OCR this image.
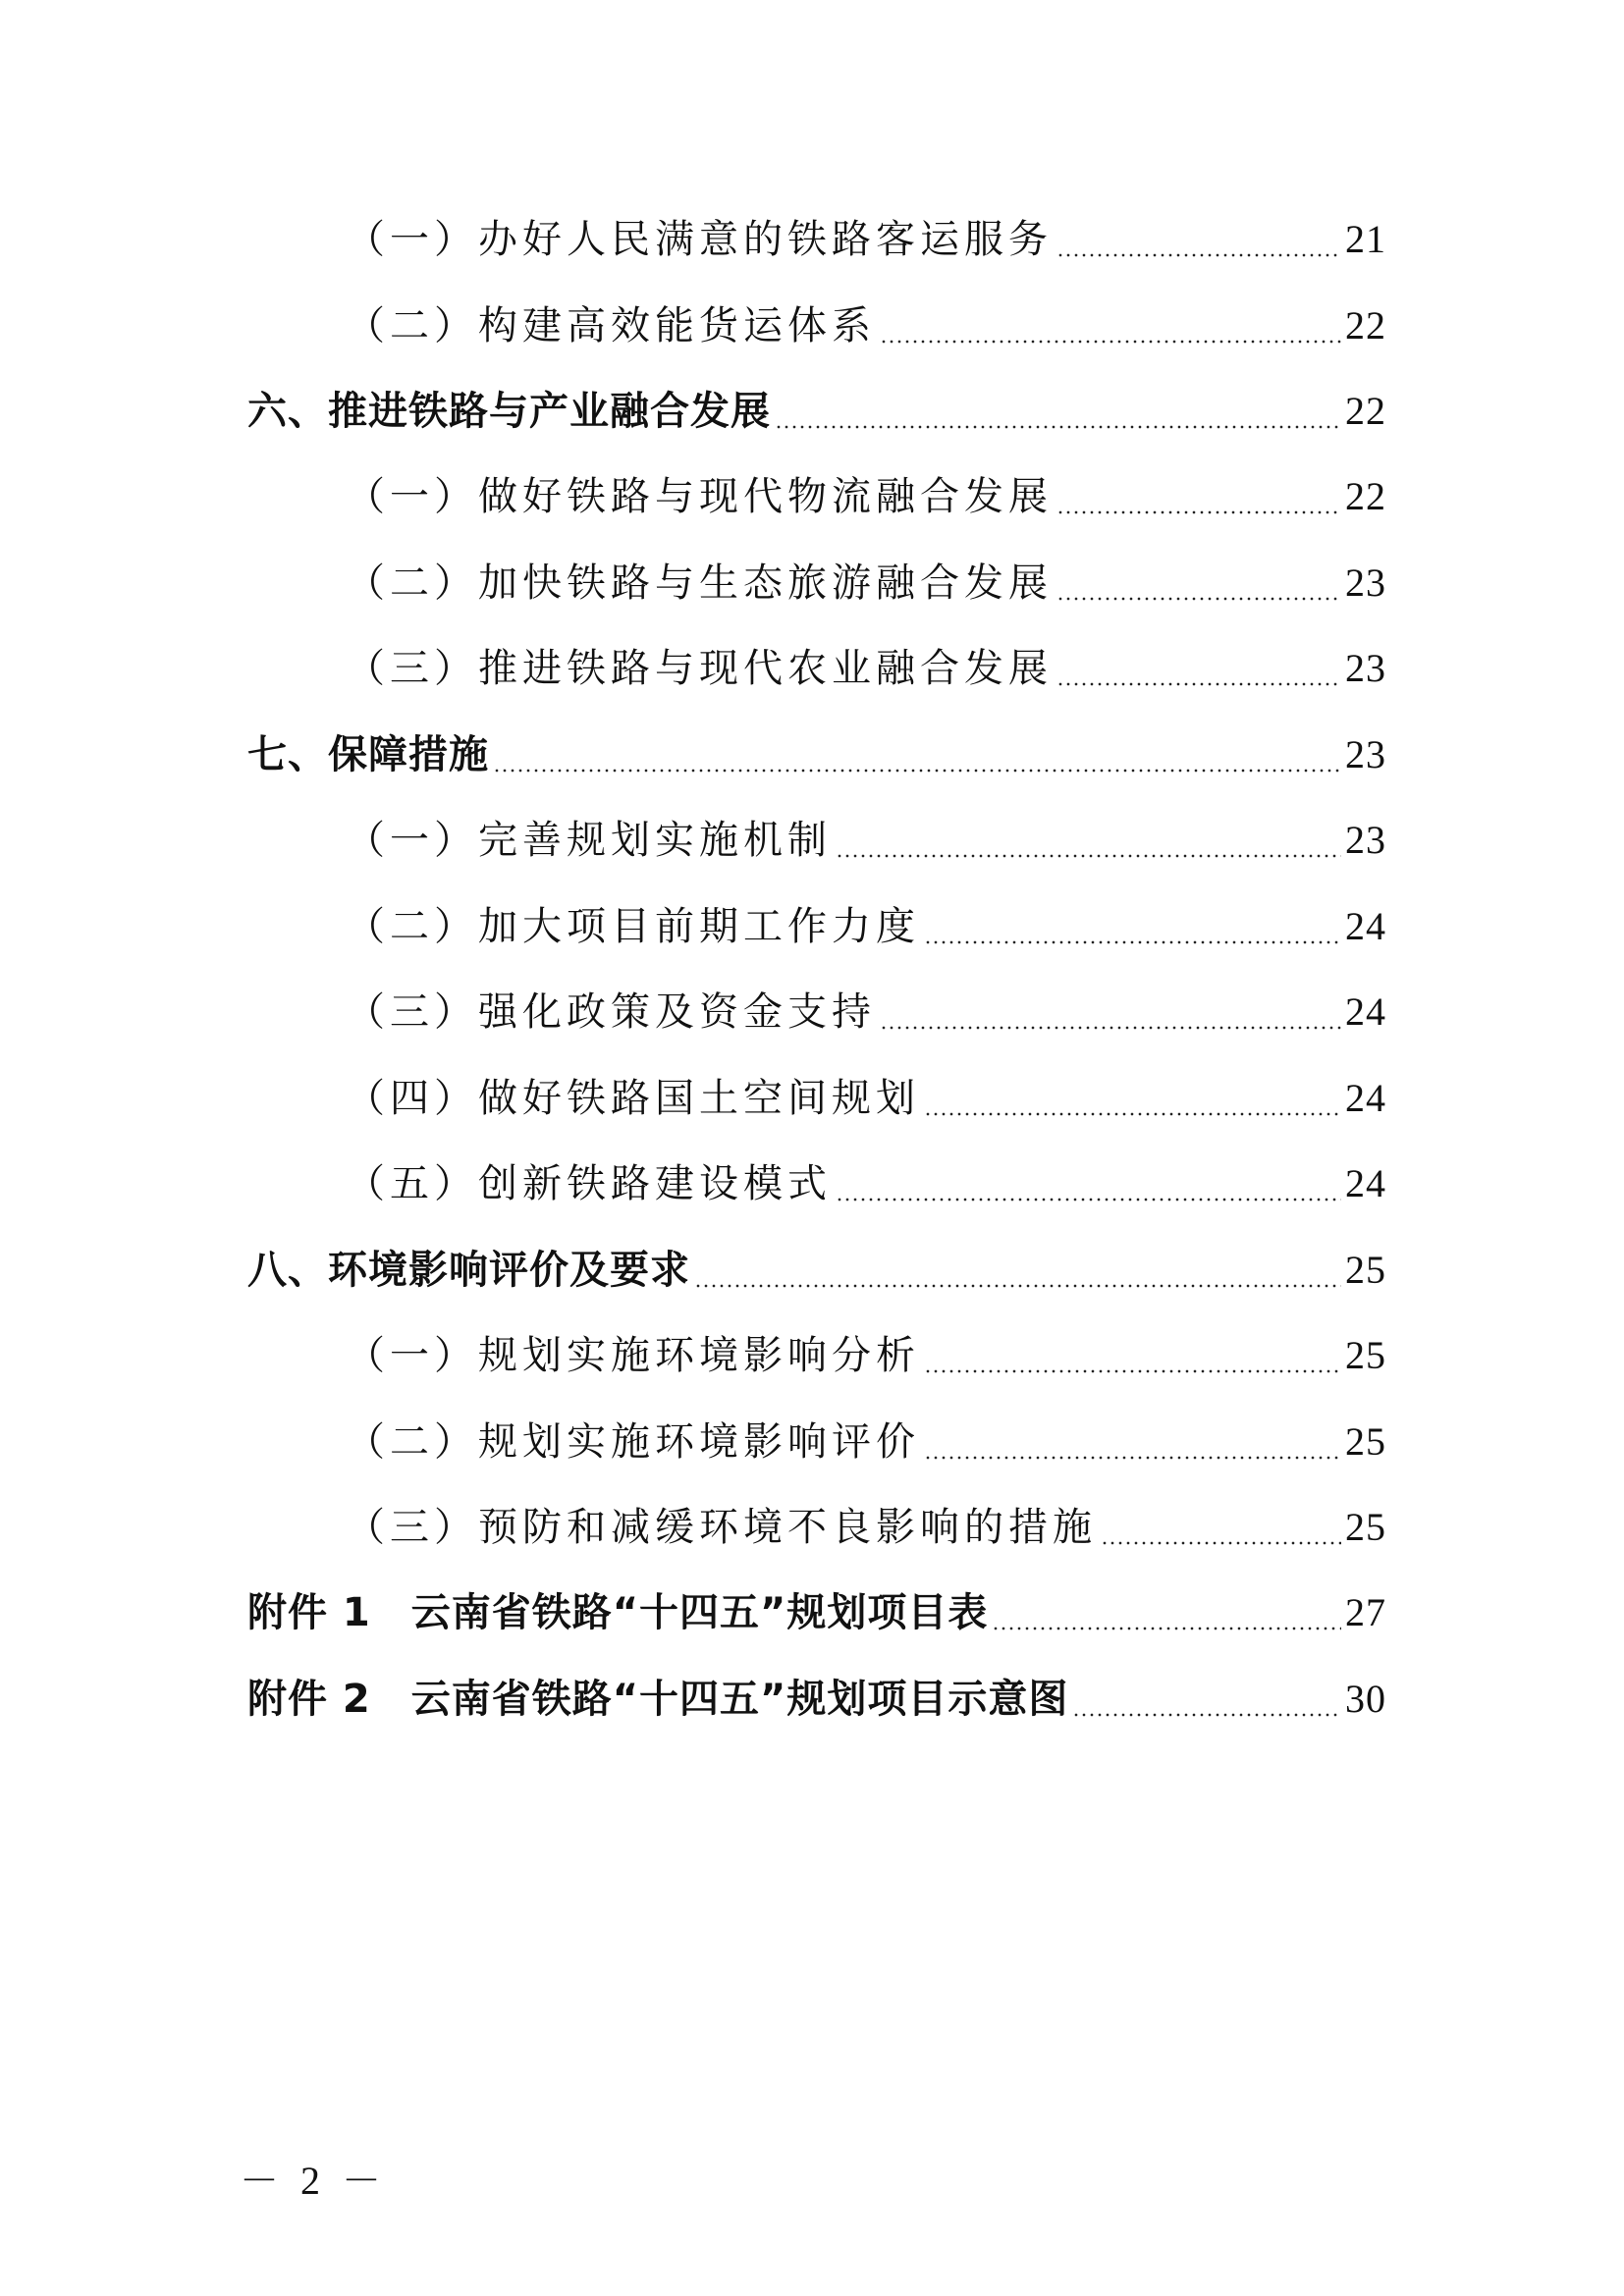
（一）办好人民满意的铁路客运服务	21
（二）构建高效能货运体系	22
六、推进铁路与产业融合发展	22
（一）做好铁路与现代物流融合发展	22
（二）加快铁路与生态旅游融合发展	23
（三）推进铁路与现代农业融合发展	23
七、保障措施	23
（一）完善规划实施机制	23
（二）加大项目前期工作力度	24
（三）强化政策及资金支持	24
（四）做好铁路国土空间规划	24
（五）创新铁路建设模式	24
八、环境影响评价及要求	25
（一）规划实施环境影响分析	25
（二）规划实施环境影响评价	25
（三）预防和减缓环境不良影响的措施	25
附件 1　云南省铁路“十四五”规划项目表	27
附件 2　云南省铁路“十四五”规划项目示意图	30
－ 2 －
